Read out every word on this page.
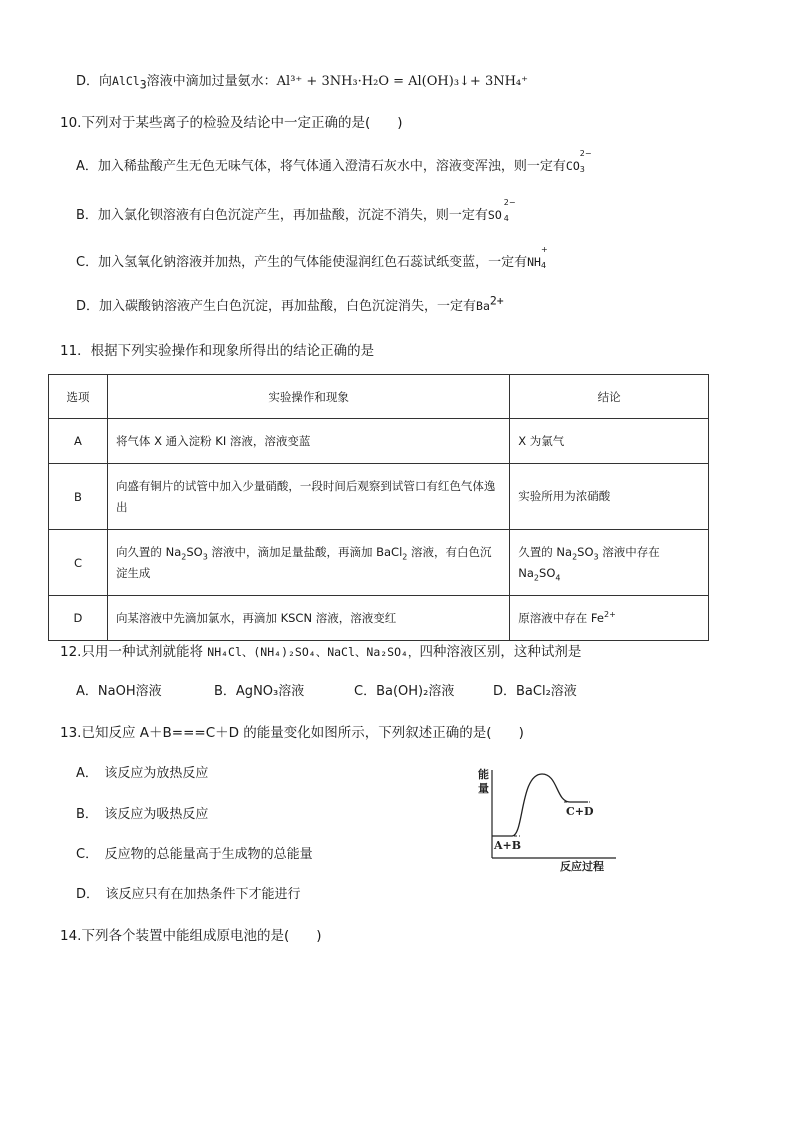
D．向AlCl$_3$溶液中滴加过量氨水：Al³⁺ + 3NH₃·H₂O = Al(OH)₃↓+ 3NH₄⁺
10.下列对于某些离子的检验及结论中一定正确的是(　　)
A．加入稀盐酸产生无色无味气体，将气体通入澄清石灰水中，溶液变浑浊，则一定有CO
2−
3

B．加入氯化钡溶液有白色沉淀产生，再加盐酸，沉淀不消失，则一定有SO
2−
4

C．加入氢氧化钠溶液并加热，产生的气体能使湿润红色石蕊试纸变蓝，一定有NH
+
4

D．加入碳酸钠溶液产生白色沉淀，再加盐酸，白色沉淀消失，一定有$Ba^{2+}$
11．根据下列实验操作和现象所得出的结论正确的是
选项	实验操作和现象	结论
A	将气体 X 通入淀粉 KI 溶液，溶液变蓝	X 为氯气
B	向盛有铜片的试管中加入少量硝酸，一段时间后观察到试管口有红色气体逸出	实验所用为浓硝酸
C	向久置的 $Na_2SO_3$ 溶液中，滴加足量盐酸，再滴加 BaCl$_2$ 溶液，有白色沉淀生成	久置的 $Na_2SO_3$ 溶液中存在
$Na_2SO_4$
D	向某溶液中先滴加氯水，再滴加 KSCN 溶液，溶液变红	原溶液中存在 $Fe^{2+}$
12.只用一种试剂就能将 NH₄Cl、(NH₄)₂SO₄、NaCl、Na₂SO₄，四种溶液区别，这种试剂是
A．NaOH溶液	B．AgNO₃溶液	C．Ba(OH)₂溶液	D．BaCl₂溶液
13.已知反应 A＋B===C＋D 的能量变化如图所示，下列叙述正确的是(　　)
A．　该反应为放热反应
B．　该反应为吸热反应
C．　反应物的总能量高于生成物的总能量
D．　该反应只有在加热条件下才能进行
能
量
反应过程
A+B
C+D
14.下列各个装置中能组成原电池的是(　　)
